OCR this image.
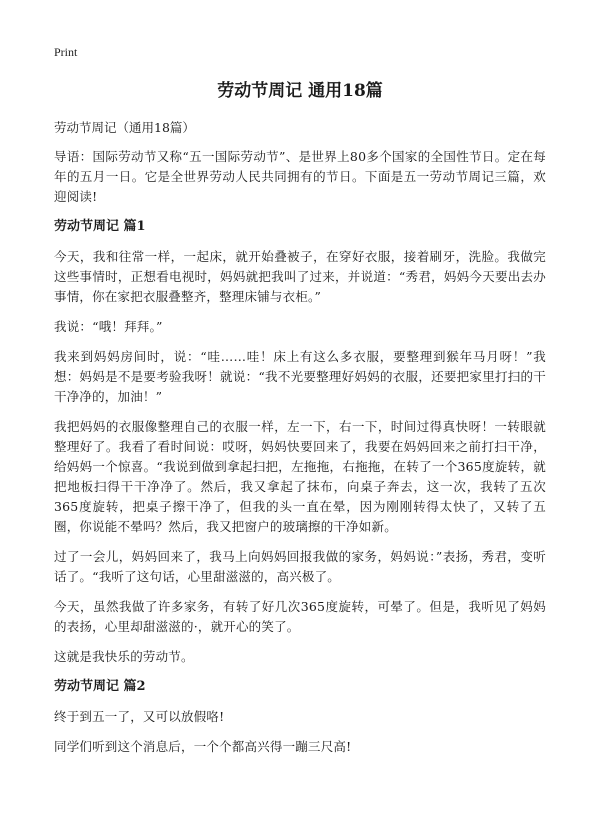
Print
劳动节周记 通用18篇
劳动节周记（通用18篇）

导语：国际劳动节又称“五一国际劳动节”、是世界上80多个国家的全国性节日。定在每年的五月一日。它是全世界劳动人民共同拥有的节日。下面是五一劳动节周记三篇，欢迎阅读!

劳动节周记 篇1

今天，我和往常一样，一起床，就开始叠被子，在穿好衣服，接着刷牙，洗脸。我做完这些事情时，正想看电视时，妈妈就把我叫了过来，并说道：“秀君，妈妈今天要出去办事情，你在家把衣服叠整齐，整理床铺与衣柜。”

我说：“哦！拜拜。”

我来到妈妈房间时，说：“哇……哇！床上有这么多衣服，要整理到猴年马月呀！”我想：妈妈是不是要考验我呀！就说：“我不光要整理好妈妈的衣服，还要把家里打扫的干干净净的，加油！”

我把妈妈的衣服像整理自己的衣服一样，左一下，右一下，时间过得真快呀！一转眼就整理好了。我看了看时间说：哎呀，妈妈快要回来了，我要在妈妈回来之前打扫干净，给妈妈一个惊喜。“我说到做到拿起扫把，左拖拖，右拖拖，在转了一个365度旋转，就把地板扫得干干净净了。然后，我又拿起了抹布，向桌子奔去，这一次，我转了五次365度旋转，把桌子擦干净了，但我的头一直在晕，因为刚刚转得太快了，又转了五圈，你说能不晕吗？然后，我又把窗户的玻璃擦的干净如新。

过了一会儿，妈妈回来了，我马上向妈妈回报我做的家务，妈妈说：”表扬，秀君，变听话了。“我听了这句话，心里甜滋滋的，高兴极了。

今天，虽然我做了许多家务，有转了好几次365度旋转，可晕了。但是，我听见了妈妈的表扬，心里却甜滋滋的·，就开心的笑了。

这就是我快乐的劳动节。

劳动节周记 篇2

终于到五一了，又可以放假咯!

同学们听到这个消息后，一个个都高兴得一蹦三尺高!
